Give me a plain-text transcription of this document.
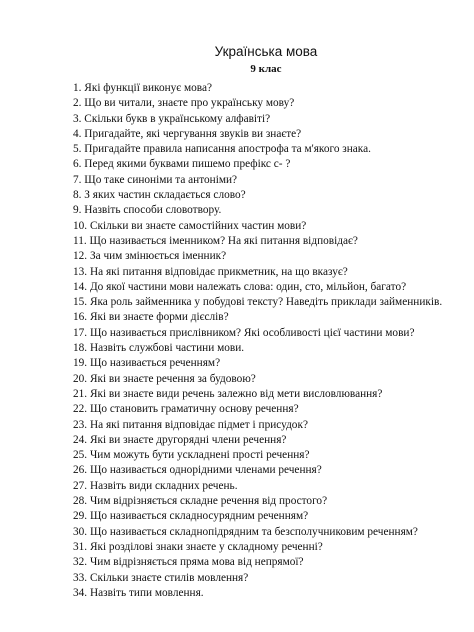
Українська мова
9 клас
1. Які функції виконує мова?
2. Що ви читали, знаєте про українську мову?
3. Скільки букв в українському алфавіті?
4. Пригадайте, які чергування звуків ви знаєте?
5. Пригадайте правила написання апострофа та м'якого знака.
6. Перед якими буквами пишемо префікс с- ?
7. Що таке синоніми та антоніми?
8. З яких частин складається слово?
9. Назвіть способи словотвору.
10. Скільки ви знаєте самостійних частин мови?
11. Що називається іменником? На які питання відповідає?
12. За чим змінюється іменник?
13. На які питання відповідає прикметник, на що вказує?
14. До якої частини мови належать слова: один, сто, мільйон, багато?
15. Яка роль займенника у побудові тексту? Наведіть приклади займенників.
16. Які ви знаєте форми дієслів?
17. Що називається прислівником? Які особливості цієї частини мови?
18. Назвіть службові частини мови.
19. Що називається реченням?
20. Які ви знаєте речення за будовою?
21. Які ви знаєте види речень залежно від мети висловлювання?
22. Що становить граматичну основу речення?
23. На які питання відповідає підмет і присудок?
24. Які ви знаєте другорядні члени речення?
25. Чим можуть бути ускладнені прості речення?
26. Що називається однорідними членами речення?
27. Назвіть види складних речень.
28. Чим відрізняється складне речення від простого?
29. Що називається складносурядним реченням?
30. Що називається складнопідрядним та безсполучниковим реченням?
31. Які розділові знаки знаєте у складному реченні?
32. Чим відрізняється пряма мова від непрямої?
33. Скільки знаєте стилів мовлення?
34. Назвіть типи мовлення.
